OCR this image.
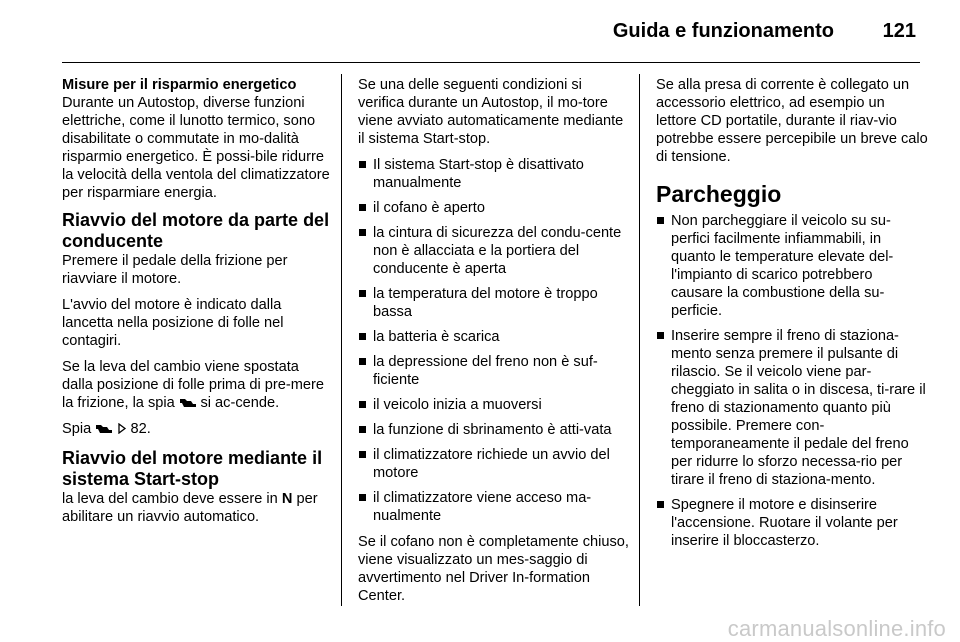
Guida e funzionamento 121
Misure per il risparmio energetico

Durante un Autostop, diverse funzioni elettriche, come il lunotto termico, sono disabilitate o commutate in mo-dalità risparmio energetico. È possi-bile ridurre la velocità della ventola del climatizzatore per risparmiare energia.

Riavvio del motore da parte del conducente

Premere il pedale della frizione per riavviare il motore.

L'avvio del motore è indicato dalla lancetta nella posizione di folle nel contagiri.

Se la leva del cambio viene spostata dalla posizione di folle prima di pre-mere la frizione, la spia si ac-cende.

Spia	82.

Riavvio del motore mediante il sistema Start-stop

la leva del cambio deve essere in N per abilitare un riavvio automatico.

Se una delle seguenti condizioni si verifica durante un Autostop, il mo-tore viene avviato automaticamente mediante il sistema Start-stop.

Il sistema Start-stop è disattivato manualmente
il cofano è aperto
la cintura di sicurezza del condu-cente non è allacciata e la portiera del conducente è aperta
la temperatura del motore è troppo bassa
la batteria è scarica
la depressione del freno non è suf-ficiente
il veicolo inizia a muoversi
la funzione di sbrinamento è atti-vata
il climatizzatore richiede un avvio del motore
il climatizzatore viene acceso ma-nualmente

Se il cofano non è completamente chiuso, viene visualizzato un mes-saggio di avvertimento nel Driver In-formation Center.

Se alla presa di corrente è collegato un accessorio elettrico, ad esempio un lettore CD portatile, durante il riav-vio potrebbe essere percepibile un breve calo di tensione.

Parcheggio
Non parcheggiare il veicolo su su-perfici facilmente infiammabili, in quanto le temperature elevate del-l'impianto di scarico potrebbero causare la combustione della su-perficie.
Inserire sempre il freno di staziona-mento senza premere il pulsante di rilascio. Se il veicolo viene par-cheggiato in salita o in discesa, ti-rare il freno di stazionamento quanto più possibile. Premere con-temporaneamente il pedale del freno per ridurre lo sforzo necessa-rio per tirare il freno di staziona-mento.
Spegnere il motore e disinserire l'accensione. Ruotare il volante per inserire il bloccasterzo.
carmanualsonline.info
